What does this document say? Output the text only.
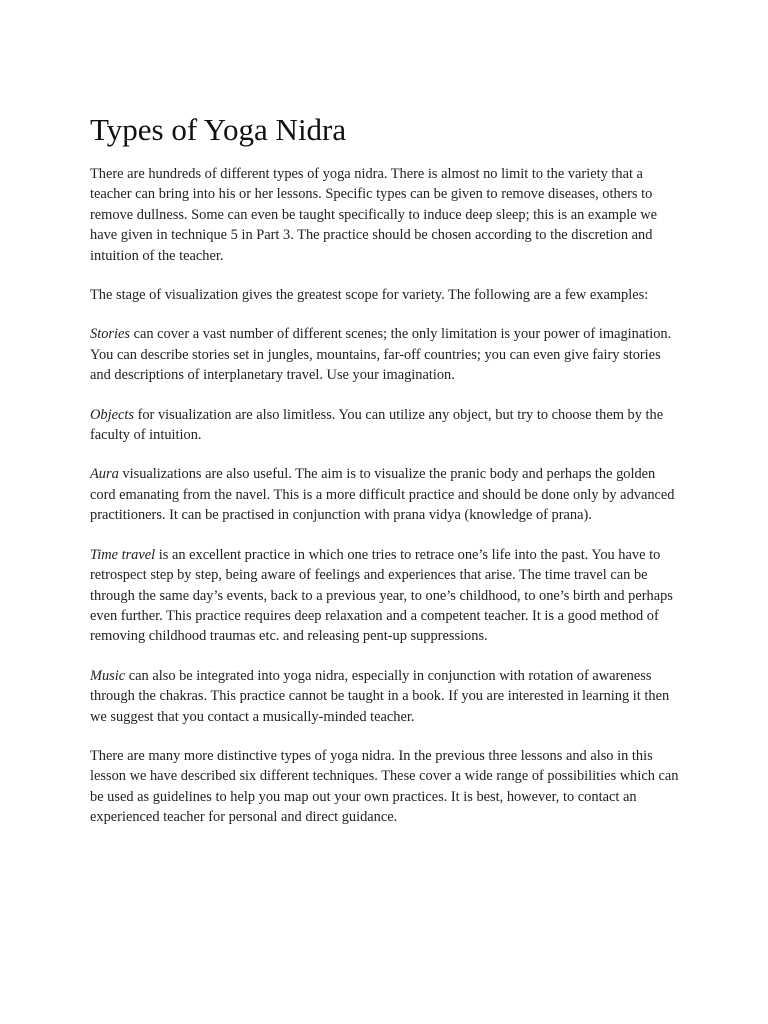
Types of Yoga Nidra

There are hundreds of different types of yoga nidra. There is almost no limit to the variety that a teacher can bring into his or her lessons. Specific types can be given to remove diseases, others to remove dullness. Some can even be taught specifically to induce deep sleep; this is an example we have given in technique 5 in Part 3. The practice should be chosen according to the discretion and intuition of the teacher.

The stage of visualization gives the greatest scope for variety. The following are a few examples:

Stories can cover a vast number of different scenes; the only limitation is your power of imagination. You can describe stories set in jungles, mountains, far-off countries; you can even give fairy stories and descriptions of interplanetary travel. Use your imagination.

Objects for visualization are also limitless. You can utilize any object, but try to choose them by the faculty of intuition.

Aura visualizations are also useful. The aim is to visualize the pranic body and perhaps the golden cord emanating from the navel. This is a more difficult practice and should be done only by advanced practitioners. It can be practised in conjunction with prana vidya (knowledge of prana).

Time travel is an excellent practice in which one tries to retrace one’s life into the past. You have to retrospect step by step, being aware of feelings and experiences that arise. The time travel can be through the same day’s events, back to a previous year, to one’s childhood, to one’s birth and perhaps even further. This practice requires deep relaxation and a competent teacher. It is a good method of removing childhood traumas etc. and releasing pent-up suppressions.

Music can also be integrated into yoga nidra, especially in conjunction with rotation of awareness through the chakras. This practice cannot be taught in a book. If you are interested in learning it then we suggest that you contact a musically-minded teacher.

There are many more distinctive types of yoga nidra. In the previous three lessons and also in this lesson we have described six different techniques. These cover a wide range of possibilities which can be used as guidelines to help you map out your own practices. It is best, however, to contact an experienced teacher for personal and direct guidance.
